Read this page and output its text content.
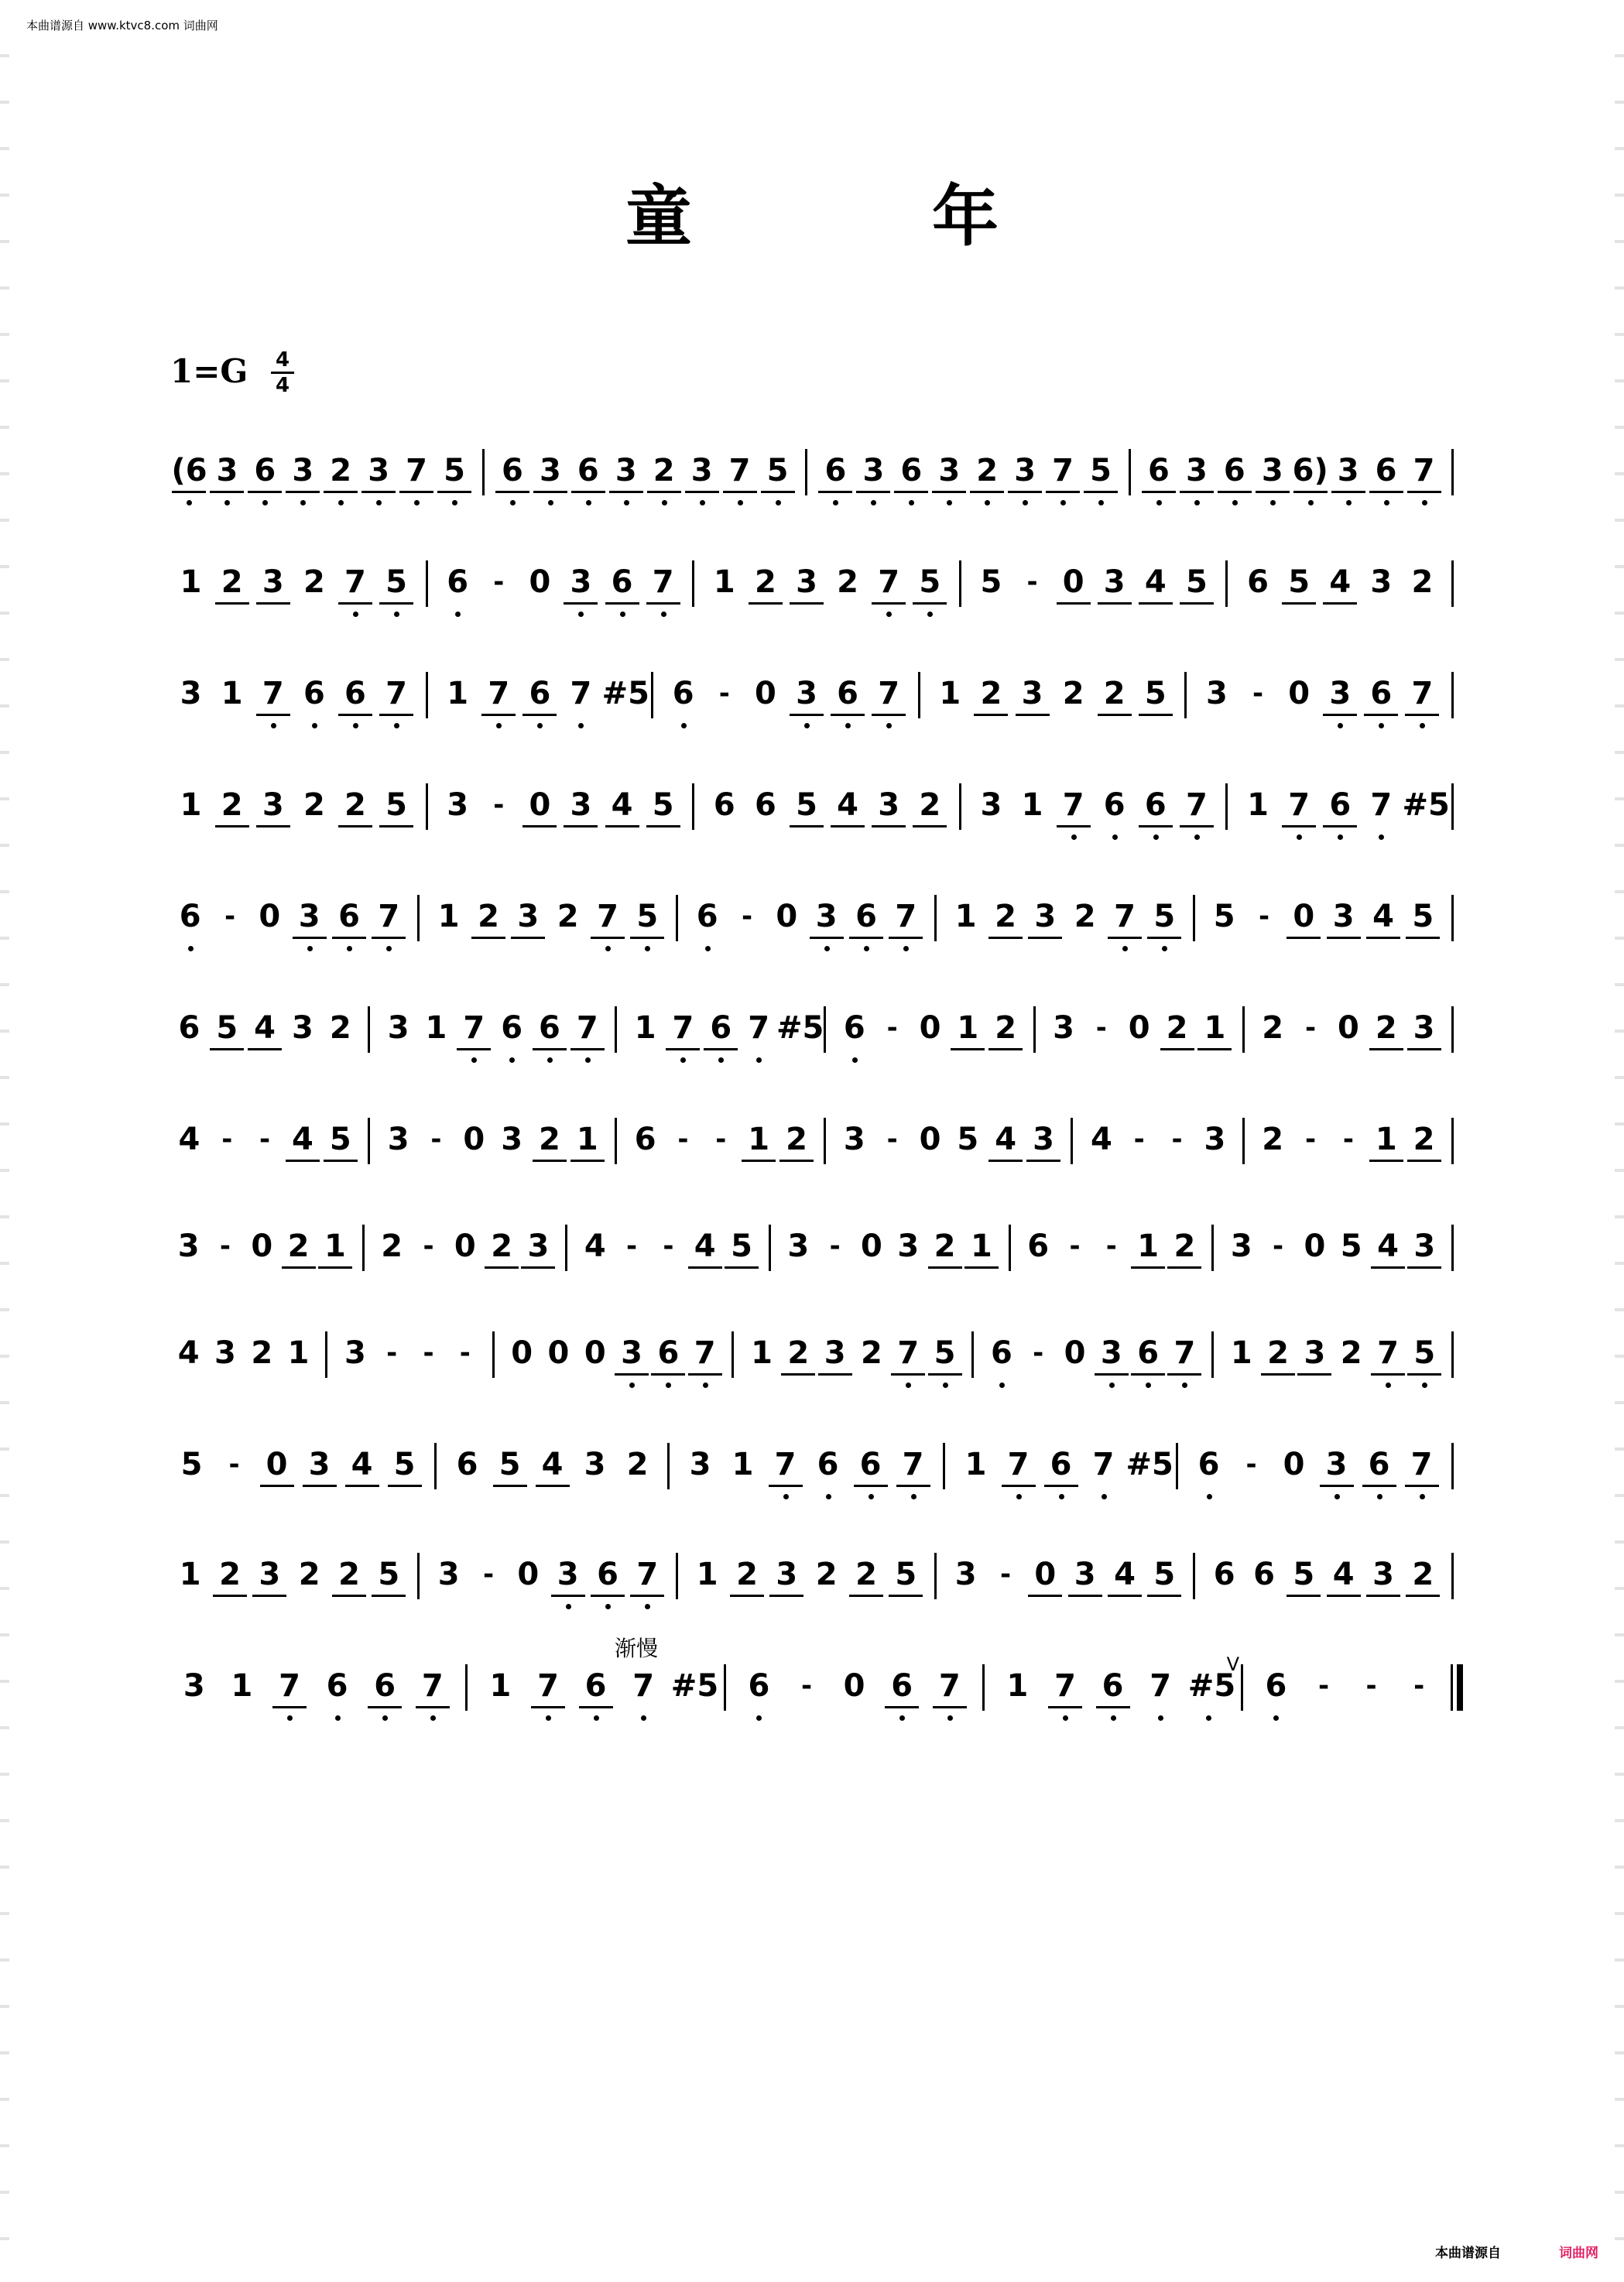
本曲谱源自 www.ktvc8.com 词曲网
童 年
1=G 4
4
渐慢
(6 3 6 3 2 3 7 5	6 3 6 3 2 3 7 5	6 3 6 3 2 3 7 5	6 3 6 3 6) 3 6 7
1 2 3 2 7 5	6 - 0 3 6 7	1 2 3 2 7 5	5 - 0 3 4 5	6 5 4 3 2
3 1 7 6 6 7	1 7 6 7 #5 6 - 0 3 6 7	1 2 3 2 2 5	3 - 0 3 6 7
1 2 3 2 2 5	3 - 0 3 4 5	6 6 5 4 3 2	3 1 7 6 6 7	1 7 6 7 #5
6 - 0 3 6 7	1 2 3 2 7 5	6 - 0 3 6 7	1 2 3 2 7 5	5 - 0 3 4 5
6 5 4 3 2	3 1 7 6 6 7	1 7 6 7 #5 6 - 0 1 2	3 - 0 2 1	2 - 0 2 3
4 -	- 4 5	3 - 0 3 2 1	6 -	- 1 2	3 - 0 5 4 3	4 -	- 3	2 -	- 1 2
3 - 0 2 1	2 - 0 2 3	4 - - 4 5	3 - 0 3 2 1	6 - - 1 2	3 - 0 5 4 3
4 3 2 1	3 - - -	0 0 0 3 6 7	1 2 3 2 7 5	6 - 0 3 6 7	1 2 3 2 7 5
5	- 0 3 4 5	6 5 4 3 2	3 1 7 6 6 7	1 7 6 7 #5 6	- 0 3 6 7
1 2 3 2 2 5	3 - 0 3 6 7	1 2 3 2 2 5	3 - 0 3 4 5	6 6 5 4 3 2
3 1 7 6 6 7	1 7 6 7 #5 6	-	0 6 7	1 7 6 7 #5
V
6	-	-	-
本曲谱源自	词曲网
